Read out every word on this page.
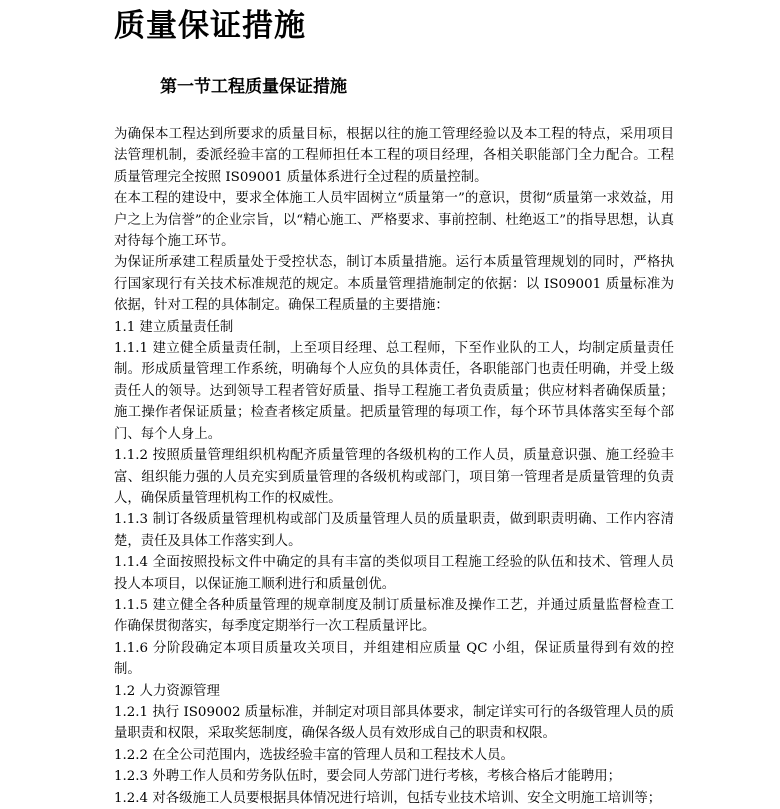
质量保证措施
第一节工程质量保证措施

为确保本工程达到所要求的质量目标，根据以往的施工管理经验以及本工程的特点，采用项目法管理机制，委派经验丰富的工程师担任本工程的项目经理，各相关职能部门全力配合。工程质量管理完全按照 IS09001 质量体系进行全过程的质量控制。

在本工程的建设中，要求全体施工人员牢固树立“质量第一”的意识，贯彻“质量第一求效益，用户之上为信誉”的企业宗旨，以“精心施工、严格要求、事前控制、杜绝返工”的指导思想，认真对待每个施工环节。

为保证所承建工程质量处于受控状态，制订本质量措施。运行本质量管理规划的同时，严格执行国家现行有关技术标准规范的规定。本质量管理措施制定的依据：以 IS09001 质量标准为依据，针对工程的具体制定。确保工程质量的主要措施：

1.1 建立质量责任制

1.1.1 建立健全质量责任制，上至项目经理、总工程师，下至作业队的工人，均制定质量责任制。形成质量管理工作系统，明确每个人应负的具体责任，各职能部门也责任明确，并受上级责任人的领导。达到领导工程者管好质量、指导工程施工者负责质量；供应材料者确保质量；施工操作者保证质量；检查者核定质量。把质量管理的每项工作，每个环节具体落实至每个部门、每个人身上。

1.1.2 按照质量管理组织机构配齐质量管理的各级机构的工作人员，质量意识强、施工经验丰富、组织能力强的人员充实到质量管理的各级机构或部门，项目第一管理者是质量管理的负责人，确保质量管理机构工作的权威性。

1.1.3 制订各级质量管理机构或部门及质量管理人员的质量职责，做到职责明确、工作内容清楚，责任及具体工作落实到人。

1.1.4 全面按照投标文件中确定的具有丰富的类似项目工程施工经验的队伍和技术、管理人员投人本项目，以保证施工顺利进行和质量创优。

1.1.5 建立健全各种质量管理的规章制度及制订质量标准及操作工艺，并通过质量监督检查工作确保贯彻落实，每季度定期举行一次工程质量评比。

1.1.6 分阶段确定本项目质量攻关项目，并组建相应质量 QC 小组，保证质量得到有效的控制。

1.2 人力资源管理

1.2.1 执行 IS09002 质量标准，并制定对项目部具体要求，制定详实可行的各级管理人员的质量职责和权限，采取奖惩制度，确保各级人员有效形成自己的职责和权限。

1.2.2 在全公司范围内，选拔经验丰富的管理人员和工程技术人员。

1.2.3 外聘工作人员和劳务队伍时，要会同人劳部门进行考核，考核合格后才能聘用；

1.2.4 对各级施工人员要根据具体情况进行培训，包括专业技术培训、安全文明施工培训等；
